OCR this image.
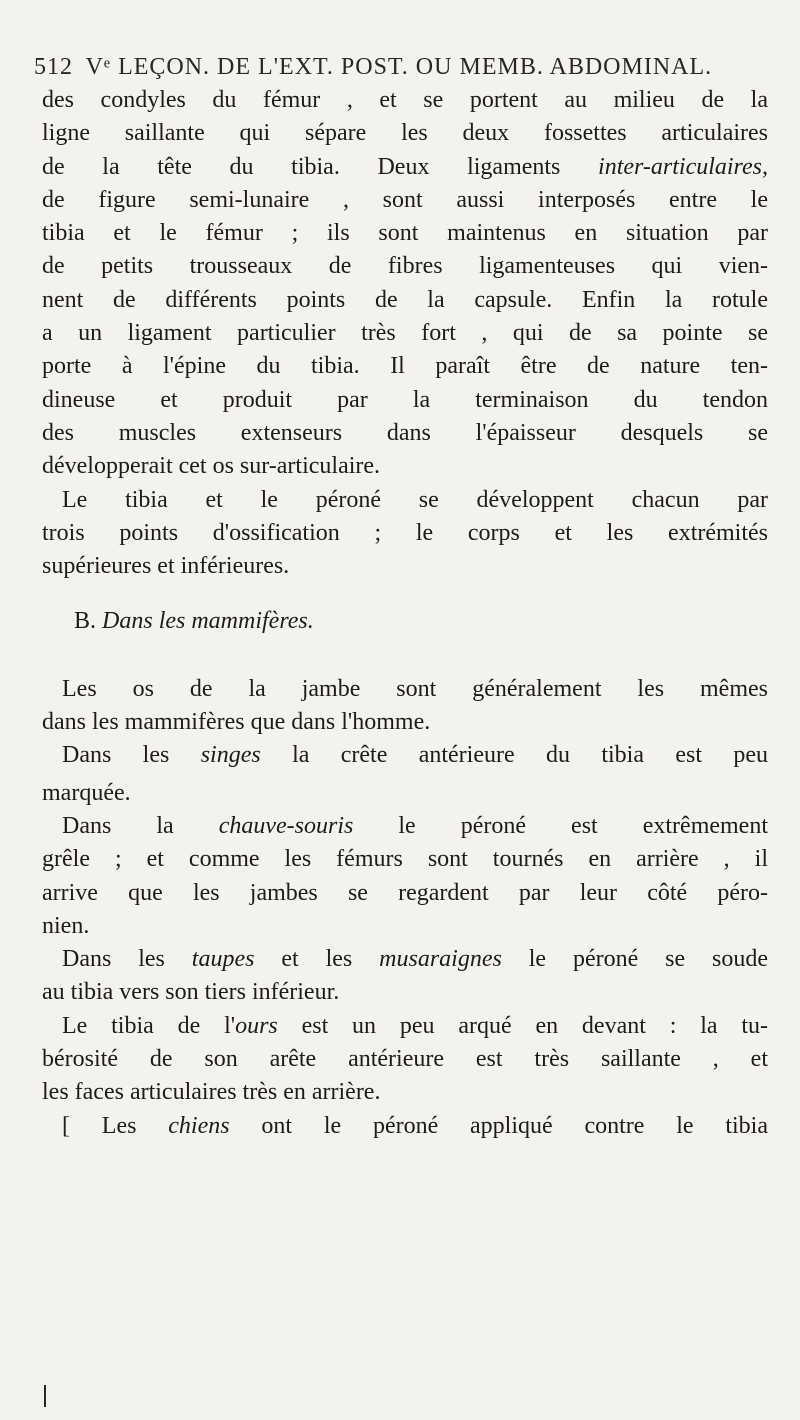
512 Vᵉ LEÇON. DE L'EXT. POST. OU MEMB. ABDOMINAL.
des condyles du fémur , et se portent au milieu de la
ligne saillante qui sépare les deux fossettes articulaires
de la tête du tibia. Deux ligaments inter-articulaires,
de figure semi-lunaire , sont aussi interposés entre le
tibia et le fémur ; ils sont maintenus en situation par
de petits trousseaux de fibres ligamenteuses qui vien-
nent de différents points de la capsule. Enfin la rotule
a un ligament particulier très fort , qui de sa pointe se
porte à l'épine du tibia. Il paraît être de nature ten-
dineuse et produit par la terminaison du tendon
des muscles extenseurs dans l'épaisseur desquels se
développerait cet os sur-articulaire.
Le tibia et le péroné se développent chacun par
trois points d'ossification ; le corps et les extrémités
supérieures et inférieures.
B. Dans les mammifères.
Les os de la jambe sont généralement les mêmes
dans les mammifères que dans l'homme.
Dans les singes la crête antérieure du tibia est peu
marquée.
Dans la chauve-souris le péroné est extrêmement
grêle ; et comme les fémurs sont tournés en arrière , il
arrive que les jambes se regardent par leur côté péro-
nien.
Dans les taupes et les musaraignes le péroné se soude
au tibia vers son tiers inférieur.
Le tibia de l'ours est un peu arqué en devant : la tu-
bérosité de son arête antérieure est très saillante , et
les faces articulaires très en arrière.
[ Les chiens ont le péroné appliqué contre le tibia
